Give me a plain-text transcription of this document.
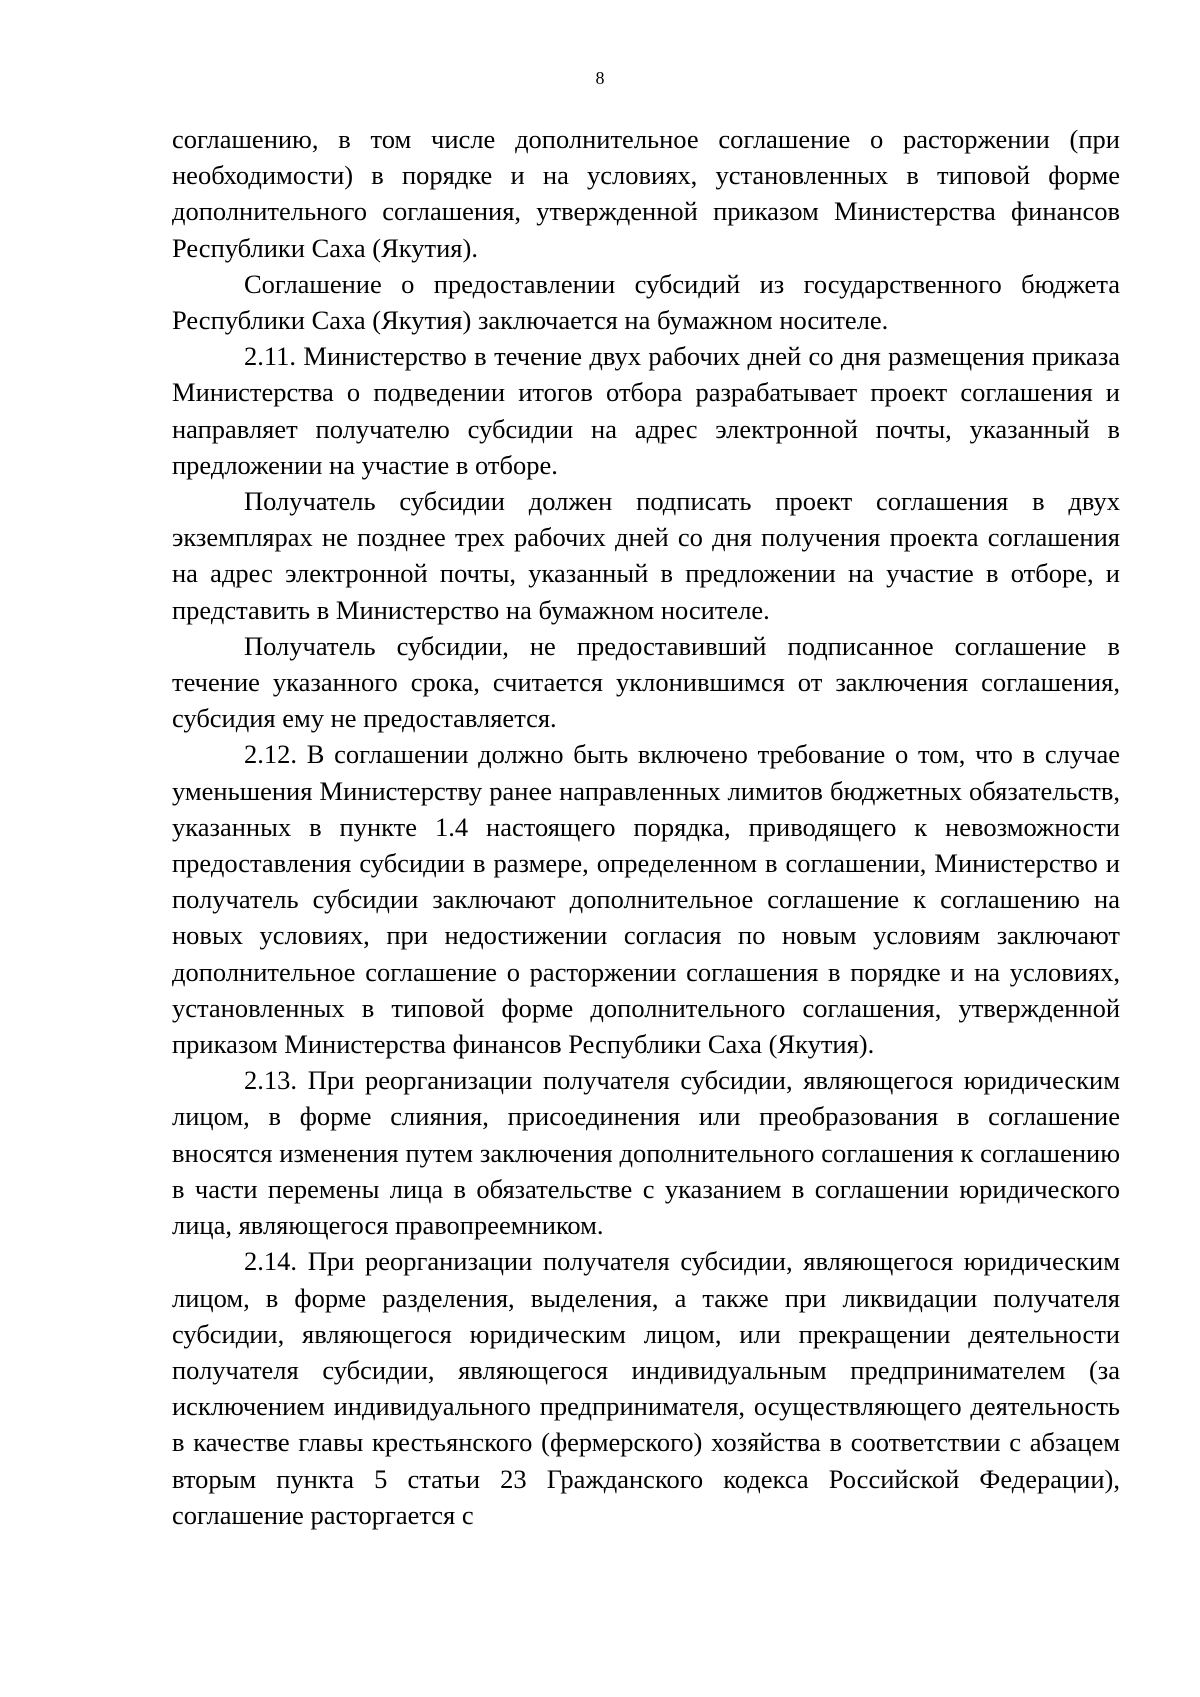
8

соглашению, в том числе дополнительное соглашение о расторжении (при необходимости) в порядке и на условиях, установленных в типовой форме дополнительного соглашения, утвержденной приказом Министерства финансов Республики Саха (Якутия).

Соглашение о предоставлении субсидий из государственного бюджета Республики Саха (Якутия) заключается на бумажном носителе.

2.11. Министерство в течение двух рабочих дней со дня размещения приказа Министерства о подведении итогов отбора разрабатывает проект соглашения и направляет получателю субсидии на адрес электронной почты, указанный в предложении на участие в отборе.

Получатель субсидии должен подписать проект соглашения в двух экземплярах не позднее трех рабочих дней со дня получения проекта соглашения на адрес электронной почты, указанный в предложении на участие в отборе, и представить в Министерство на бумажном носителе.

Получатель субсидии, не предоставивший подписанное соглашение в течение указанного срока, считается уклонившимся от заключения соглашения, субсидия ему не предоставляется.

2.12. В соглашении должно быть включено требование о том, что в случае уменьшения Министерству ранее направленных лимитов бюджетных обязательств, указанных в пункте 1.4 настоящего порядка, приводящего к невозможности предоставления субсидии в размере, определенном в соглашении, Министерство и получатель субсидии заключают дополнительное соглашение к соглашению на новых условиях, при недостижении согласия по новым условиям заключают дополнительное соглашение о расторжении соглашения в порядке и на условиях, установленных в типовой форме дополнительного соглашения, утвержденной приказом Министерства финансов Республики Саха (Якутия).

2.13. При реорганизации получателя субсидии, являющегося юридическим лицом, в форме слияния, присоединения или преобразования в соглашение вносятся изменения путем заключения дополнительного соглашения к соглашению в части перемены лица в обязательстве с указанием в соглашении юридического лица, являющегося правопреемником.

2.14. При реорганизации получателя субсидии, являющегося юридическим лицом, в форме разделения, выделения, а также при ликвидации получателя субсидии, являющегося юридическим лицом, или прекращении деятельности получателя субсидии, являющегося индивидуальным предпринимателем (за исключением индивидуального предпринимателя, осуществляющего деятельность в качестве главы крестьянского (фермерского) хозяйства в соответствии с абзацем вторым пункта 5 статьи 23 Гражданского кодекса Российской Федерации), соглашение расторгается с
